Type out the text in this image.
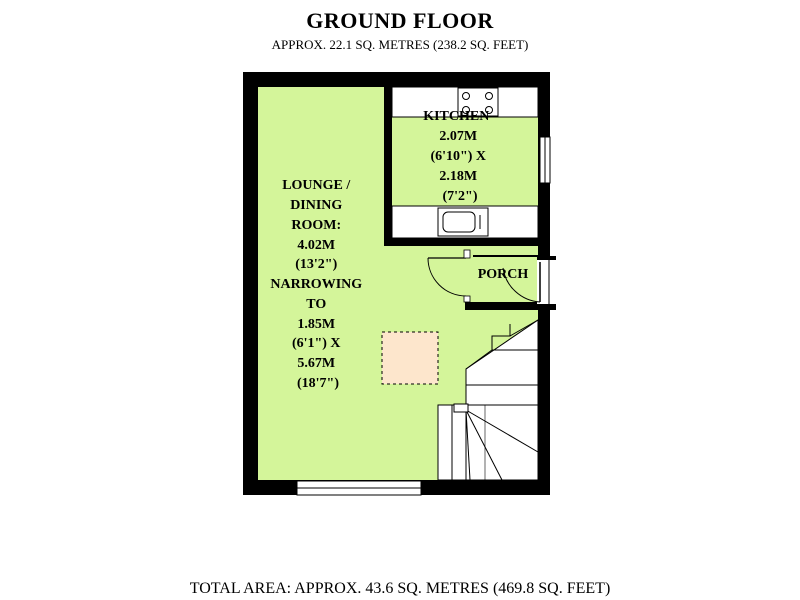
GROUND FLOOR
APPROX. 22.1 SQ. METRES (238.2 SQ. FEET)
KITCHEN 2.07M (6'10") X 2.18M (7'2")
LOUNGE / DINING ROOM: 4.02M (13'2") NARROWING TO 1.85M (6'1") X 5.67M (18'7")
PORCH
TOTAL AREA: APPROX. 43.6 SQ. METRES (469.8 SQ. FEET)
